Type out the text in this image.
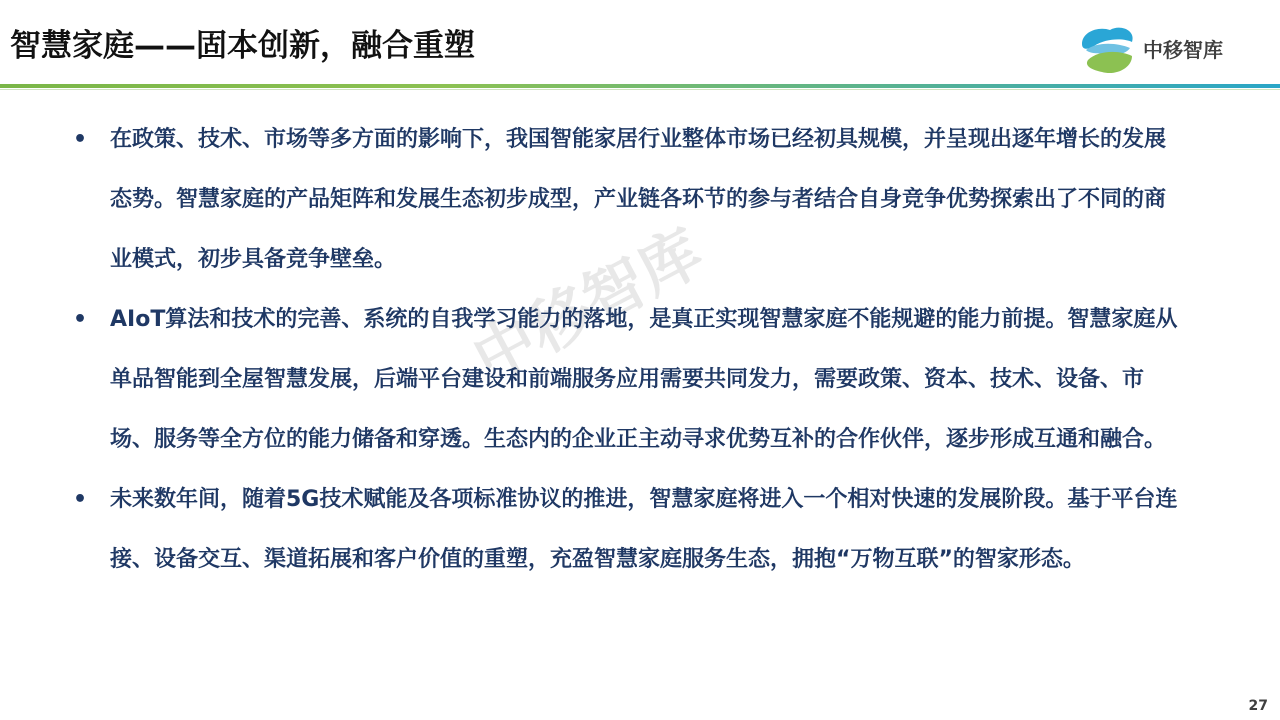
智慧家庭——固本创新，融合重塑	中移智库
中移智库
• 在政策、技术、市场等多方面的影响下，我国智能家居行业整体市场已经初具规模，并呈现出逐年增长的发展态势。智慧家庭的产品矩阵和发展生态初步成型，产业链各环节的参与者结合自身竞争优势探索出了不同的商业模式，初步具备竞争壁垒。
• AIoT算法和技术的完善、系统的自我学习能力的落地，是真正实现智慧家庭不能规避的能力前提。智慧家庭从单品智能到全屋智慧发展，后端平台建设和前端服务应用需要共同发力，需要政策、资本、技术、设备、市场、服务等全方位的能力储备和穿透。生态内的企业正主动寻求优势互补的合作伙伴，逐步形成互通和融合。
• 未来数年间，随着5G技术赋能及各项标准协议的推进，智慧家庭将进入一个相对快速的发展阶段。基于平台连接、设备交互、渠道拓展和客户价值的重塑，充盈智慧家庭服务生态，拥抱“万物互联”的智家形态。
27
